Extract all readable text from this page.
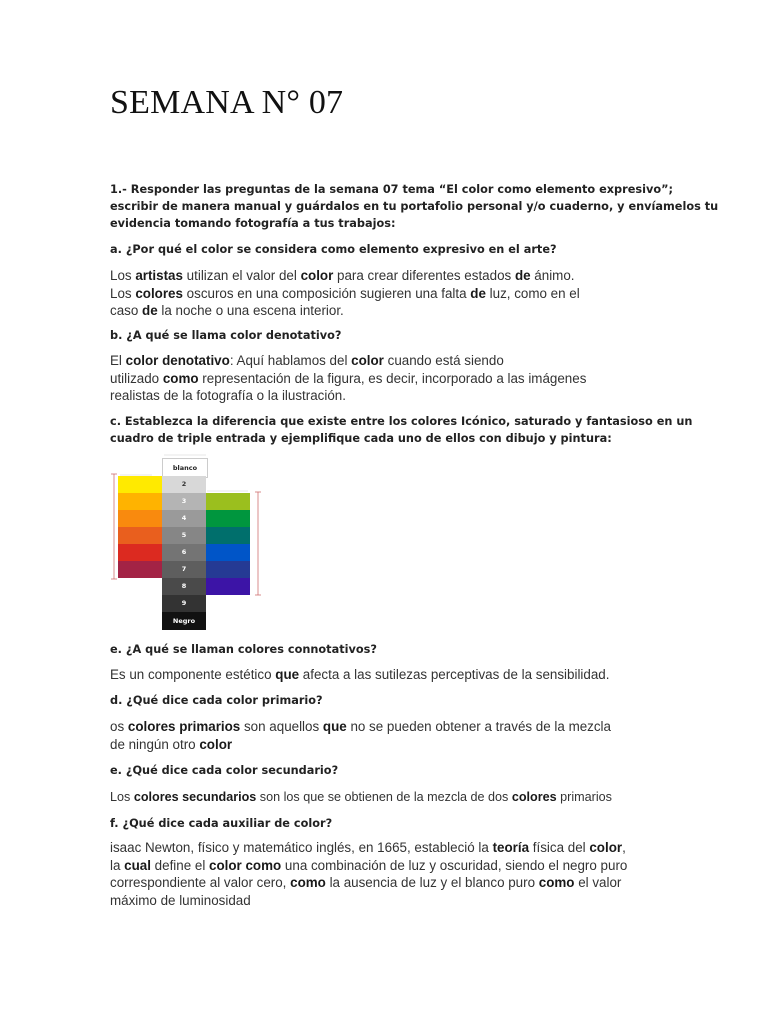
SEMANA N° 07
1.- Responder las preguntas de la semana 07 tema “El color como elemento expresivo”;
escribir de manera manual y guárdalos en tu portafolio personal y/o cuaderno, y envíamelos tu
evidencia tomando fotografía a tus trabajos:
a. ¿Por qué el color se considera como elemento expresivo en el arte?
Los artistas utilizan el valor del color para crear diferentes estados de ánimo.
Los colores oscuros en una composición sugieren una falta de luz, como en el
caso de la noche o una escena interior.
b. ¿A qué se llama color denotativo?
El color denotativo: Aquí hablamos del color cuando está siendo
utilizado como representación de la figura, es decir, incorporado a las imágenes
realistas de la fotografía o la ilustración.
c. Establezca la diferencia que existe entre los colores Icónico, saturado y fantasioso en un
cuadro de triple entrada y ejemplifique cada uno de ellos con dibujo y pintura:
blanco
2
3
4
5
6
7
8
9
Negro
e. ¿A qué se llaman colores connotativos?
Es un componente estético que afecta a las sutilezas perceptivas de la sensibilidad.
d. ¿Qué dice cada color primario?
os colores primarios son aquellos que no se pueden obtener a través de la mezcla
de ningún otro color
e. ¿Qué dice cada color secundario?
Los colores secundarios son los que se obtienen de la mezcla de dos colores primarios
f. ¿Qué dice cada auxiliar de color?
isaac Newton, físico y matemático inglés, en 1665, estableció la teoría física del color,
la cual define el color como una combinación de luz y oscuridad, siendo el negro puro
correspondiente al valor cero, como la ausencia de luz y el blanco puro como el valor
máximo de luminosidad
